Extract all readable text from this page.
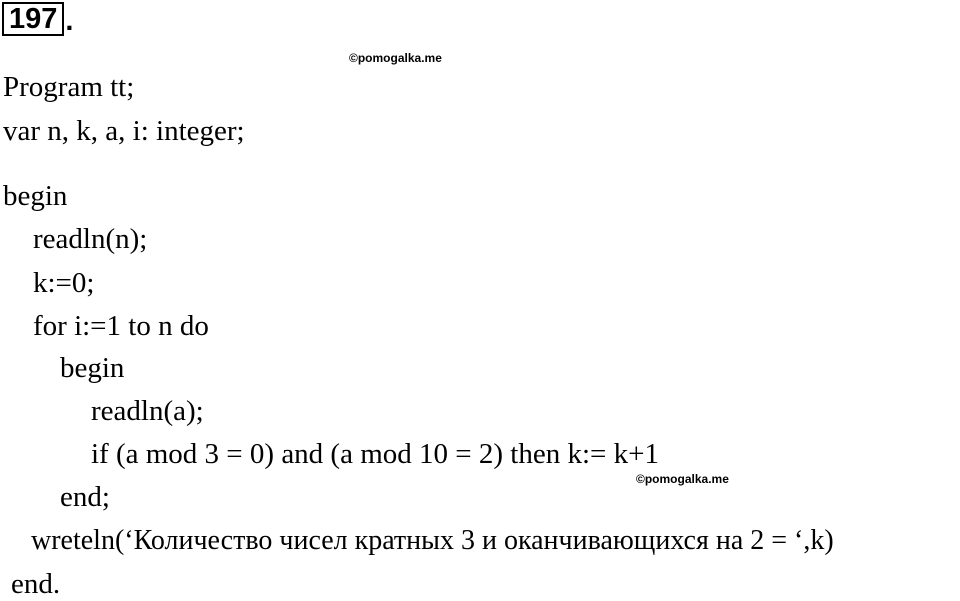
197 .
©pomogalka.me
©pomogalka.me
Program tt;
var n, k, a, i: integer;
begin
readln(n);
k:=0;
for i:=1 to n do
begin
readln(a);
if (a mod 3 = 0) and (a mod 10 = 2) then k:= k+1
end;
wreteln(‘Количество чисел кратных 3 и оканчивающихся на 2 = ‘,k)
end.
